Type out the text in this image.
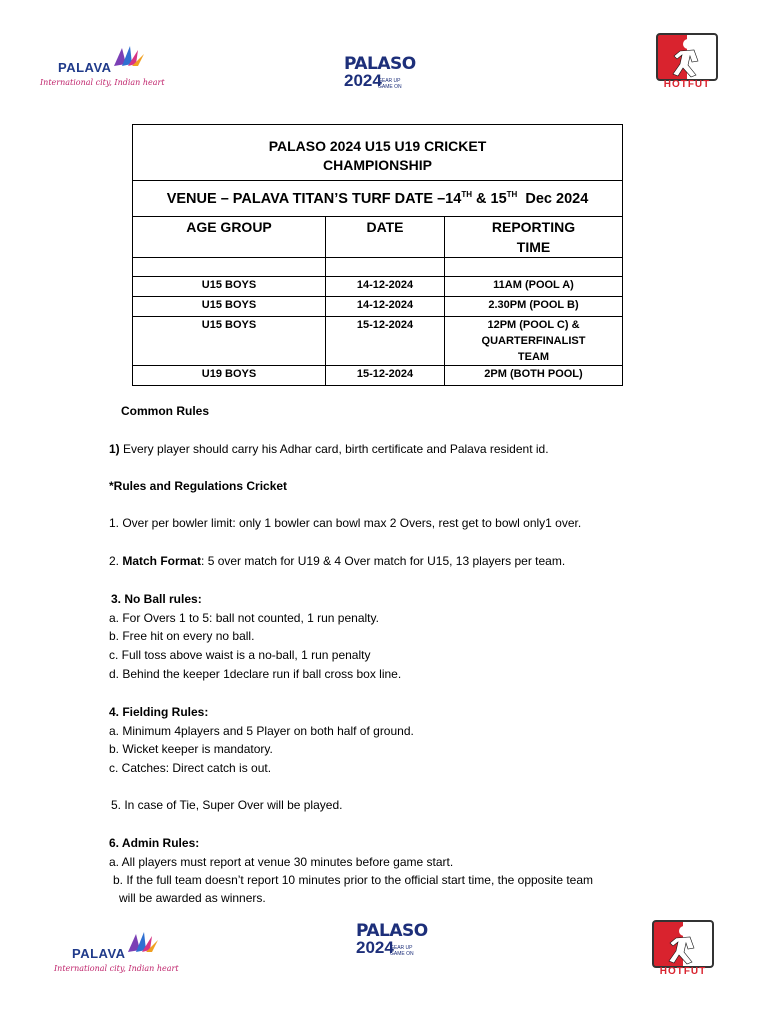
PALAVA
International city, Indian heart
PALASO
2024
GEAR UP GAME ON	HOTFUT
PALASO 2024 U15 U19 CRICKET
CHAMPIONSHIP		

VENUE – PALAVA TITAN’S TURF DATE –14TH & 15TH  Dec 2024		
AGE GROUP	DATE	REPORTING
TIME

U15 BOYS	14-12-2024	11AM (POOL A)
U15 BOYS	14-12-2024	2.30PM (POOL B)
U15 BOYS	15-12-2024	12PM (POOL C) &
QUARTERFINALIST
TEAM

U19 BOYS	15-12-2024	2PM (BOTH POOL)
Common Rules
1) Every player should carry his Adhar card, birth certificate and Palava resident id.
*Rules and Regulations Cricket
1. Over per bowler limit: only 1 bowler can bowl max 2 Overs, rest get to bowl only1 over.
2. Match Format: 5 over match for U19 & 4 Over match for U15, 13 players per team.
3. No Ball rules:
a. For Overs 1 to 5: ball not counted, 1 run penalty.
b. Free hit on every no ball.
c. Full toss above waist is a no-ball, 1 run penalty
d. Behind the keeper 1declare run if ball cross box line.
4. Fielding Rules:
a. Minimum 4players and 5 Player on both half of ground.
b. Wicket keeper is mandatory.
c. Catches: Direct catch is out.
5. In case of Tie, Super Over will be played.
6. Admin Rules:
a. All players must report at venue 30 minutes before game start.
b. If the full team doesn’t report 10 minutes prior to the official start time, the opposite team
will be awarded as winners.
PALAVA
International city, Indian heart
PALASO
2024
GEAR UP GAME ON
HOTFUT
